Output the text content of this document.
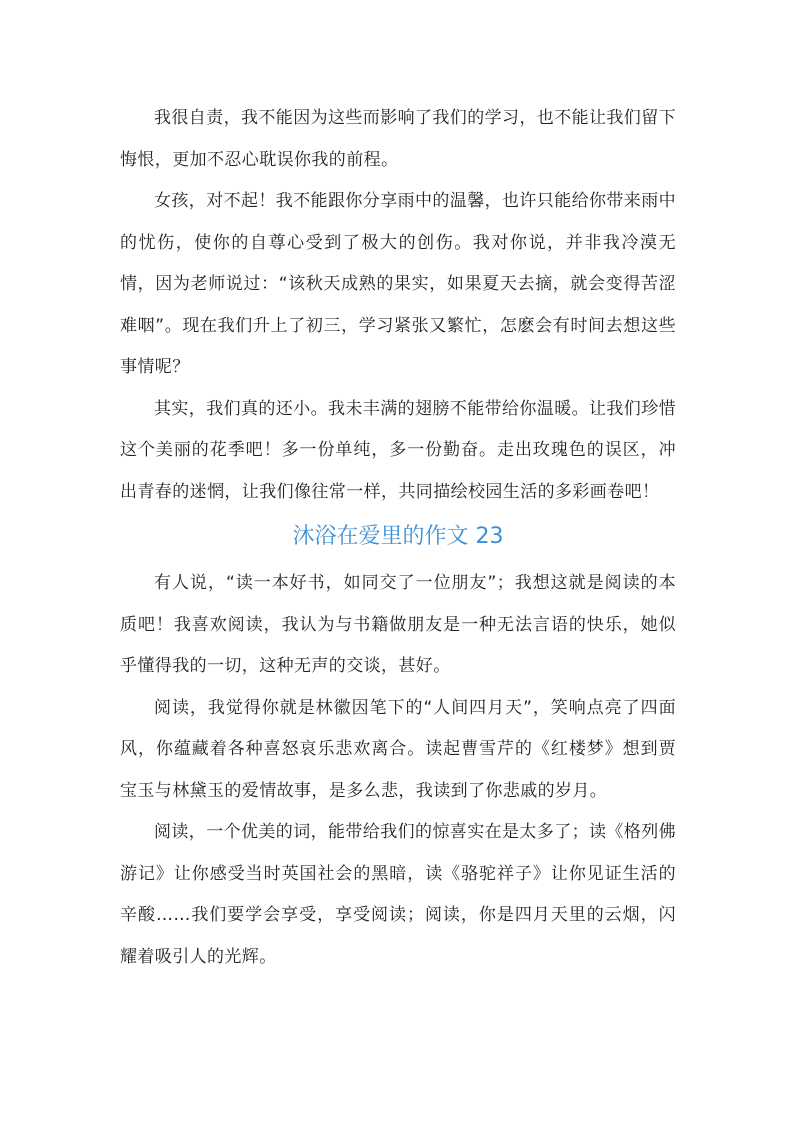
我很自责，我不能因为这些而影响了我们的学习，也不能让我们留下悔恨，更加不忍心耽误你我的前程。

女孩，对不起！我不能跟你分享雨中的温馨，也许只能给你带来雨中的忧伤，使你的自尊心受到了极大的创伤。我对你说，并非我冷漠无情，因为老师说过：“该秋天成熟的果实，如果夏天去摘，就会变得苦涩难咽”。现在我们升上了初三，学习紧张又繁忙，怎麽会有时间去想这些事情呢？

其实，我们真的还小。我未丰满的翅膀不能带给你温暖。让我们珍惜这个美丽的花季吧！多一份单纯，多一份勤奋。走出玫瑰色的误区，冲出青春的迷惘，让我们像往常一样，共同描绘校园生活的多彩画卷吧！

沐浴在爱里的作文 23

有人说，“读一本好书，如同交了一位朋友”；我想这就是阅读的本质吧！我喜欢阅读，我认为与书籍做朋友是一种无法言语的快乐，她似乎懂得我的一切，这种无声的交谈，甚好。

阅读，我觉得你就是林徽因笔下的“人间四月天”，笑响点亮了四面风，你蕴藏着各种喜怒哀乐悲欢离合。读起曹雪芹的《红楼梦》想到贾宝玉与林黛玉的爱情故事，是多么悲，我读到了你悲戚的岁月。

阅读，一个优美的词，能带给我们的惊喜实在是太多了；读《格列佛游记》让你感受当时英国社会的黑暗，读《骆驼祥子》让你见证生活的辛酸……我们要学会享受，享受阅读；阅读，你是四月天里的云烟，闪耀着吸引人的光辉。
